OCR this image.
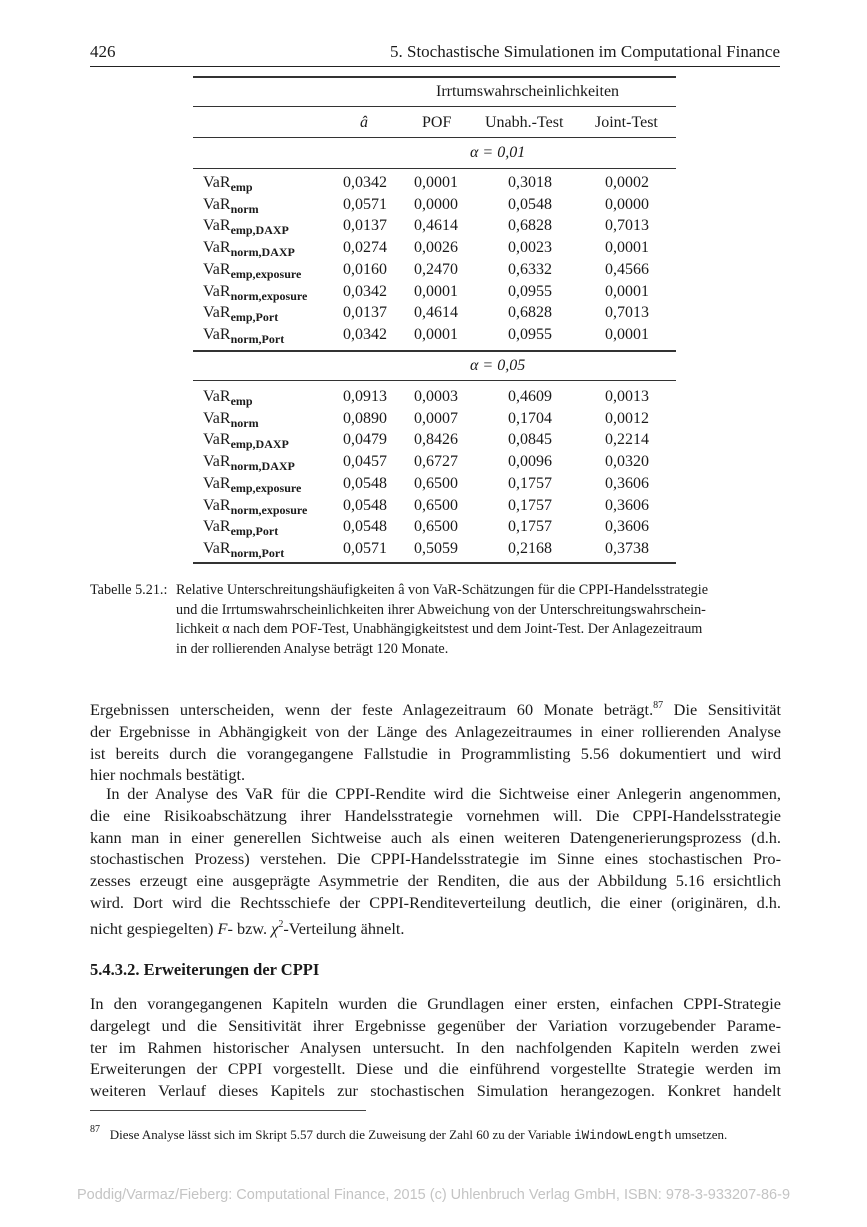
426	5. Stochastische Simulationen im Computational Finance
Irrtumswahrscheinlichkeiten
â	POF Unabh.-Test Joint-Test
α = 0,01
VaR$_{emp}$	0,0342 0,0001	0,3018	0,0002
VaR$_{norm}$	0,0571 0,0000	0,0548	0,0000
VaR$_{emp,DAXP}$	0,0137 0,4614	0,6828	0,7013
VaR$_{norm,DAXP}$	0,0274 0,0026	0,0023	0,0001
VaR$_{emp,exposure}$	0,0160 0,2470	0,6332	0,4566
VaR$_{norm,exposure}$ 0,0342 0,0001	0,0955	0,0001
VaR$_{emp,Port}$	0,0137 0,4614	0,6828	0,7013
VaR$_{norm,Port}$	0,0342 0,0001	0,0955	0,0001
α = 0,05
VaR$_{emp}$	0,0913 0,0003	0,4609	0,0013
VaR$_{norm}$	0,0890 0,0007	0,1704	0,0012
VaR$_{emp,DAXP}$	0,0479 0,8426	0,0845	0,2214
VaR$_{norm,DAXP}$	0,0457 0,6727	0,0096	0,0320
VaR$_{emp,exposure}$	0,0548 0,6500	0,1757	0,3606
VaR$_{norm,exposure}$ 0,0548 0,6500	0,1757	0,3606
VaR$_{emp,Port}$	0,0548 0,6500	0,1757	0,3606
VaR$_{norm,Port}$	0,0571 0,5059	0,2168	0,3738
Tabelle 5.21.: Relative Unterschreitungshäufigkeiten â von VaR-Schätzungen für die CPPI-Handelsstrategie
und die Irrtumswahrscheinlichkeiten ihrer Abweichung von der Unterschreitungswahrschein-
lichkeit α nach dem POF-Test, Unabhängigkeitstest und dem Joint-Test. Der Anlagezeitraum
in der rollierenden Analyse beträgt 120 Monate.
Ergebnissen unterscheiden, wenn der feste Anlagezeitraum 60 Monate beträgt.$^{87}$ Die Sensitivität
der Ergebnisse in Abhängigkeit von der Länge des Anlagezeitraumes in einer rollierenden Analyse
ist bereits durch die vorangegangene Fallstudie in Programmlisting 5.56 dokumentiert und wird
hier nochmals bestätigt.
In der Analyse des VaR für die CPPI-Rendite wird die Sichtweise einer Anlegerin angenommen,
die eine Risikoabschätzung ihrer Handelsstrategie vornehmen will. Die CPPI-Handelsstrategie
kann man in einer generellen Sichtweise auch als einen weiteren Datengenerierungsprozess (d.h.
stochastischen Prozess) verstehen. Die CPPI-Handelsstrategie im Sinne eines stochastischen Pro-
zesses erzeugt eine ausgeprägte Asymmetrie der Renditen, die aus der Abbildung 5.16 ersichtlich
wird. Dort wird die Rechtsschiefe der CPPI-Renditeverteilung deutlich, die einer (originären, d.h.
nicht gespiegelten) F- bzw. $\chi^2$-Verteilung ähnelt.
5.4.3.2. Erweiterungen der CPPI
In den vorangegangenen Kapiteln wurden die Grundlagen einer ersten, einfachen CPPI-Strategie
dargelegt und die Sensitivität ihrer Ergebnisse gegenüber der Variation vorzugebender Parame-
ter im Rahmen historischer Analysen untersucht. In den nachfolgenden Kapiteln werden zwei
Erweiterungen der CPPI vorgestellt. Diese und die einführend vorgestellte Strategie werden im
weiteren Verlauf dieses Kapitels zur stochastischen Simulation herangezogen. Konkret handelt
$^{87}$ Diese Analyse lässt sich im Skript 5.57 durch die Zuweisung der Zahl 60 zu der Variable iWindowLength umsetzen.
Poddig/Varmaz/Fieberg: Computational Finance, 2015 (c) Uhlenbruch Verlag GmbH, ISBN: 978-3-933207-86-9
